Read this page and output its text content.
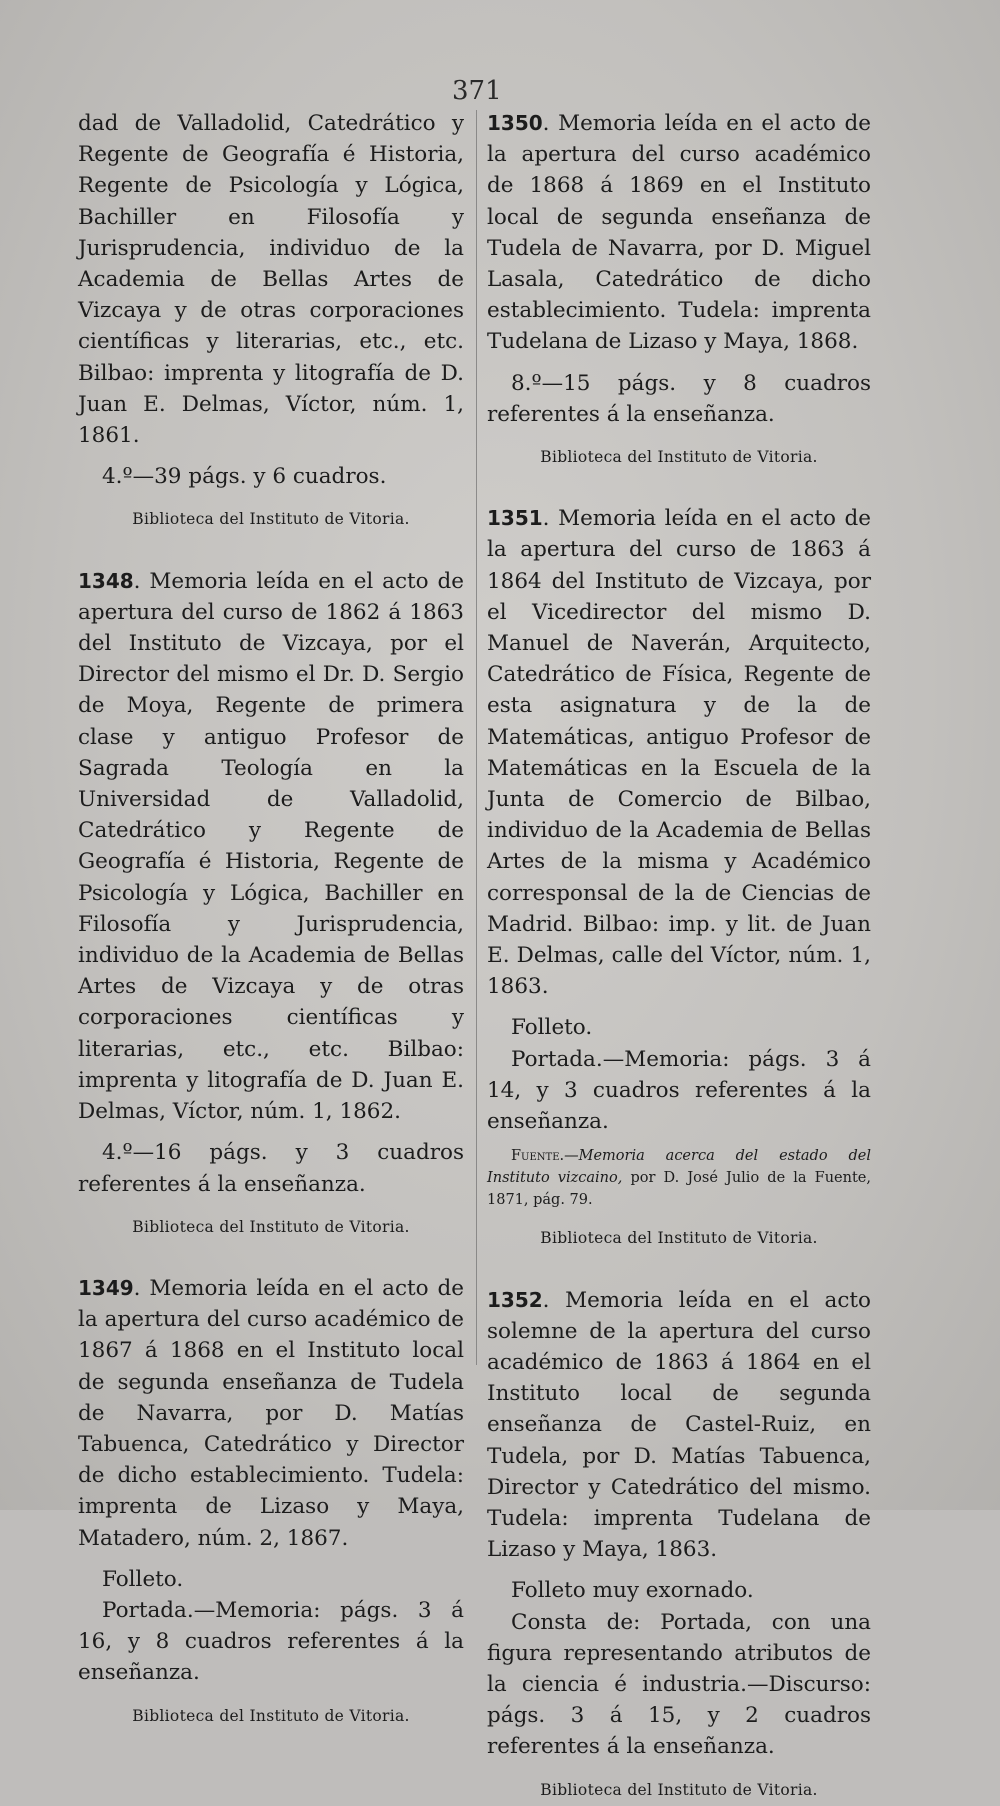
371

dad de Valladolid, Catedrático y Regente de Geografía é Historia, Regente de Psicología y Lógica, Bachiller en Filosofía y Jurisprudencia, individuo de la Academia de Bellas Artes de Vizcaya y de otras corporaciones científicas y literarias, etc., etc. Bilbao: imprenta y litografía de D. Juan E. Delmas, Víctor, núm. 1, 1861.

4.º—39 págs. y 6 cuadros.

Biblioteca del Instituto de Vitoria.

1348. Memoria leída en el acto de apertura del curso de 1862 á 1863 del Instituto de Vizcaya, por el Director del mismo el Dr. D. Sergio de Moya, Regente de primera clase y antiguo Profesor de Sagrada Teología en la Universidad de Valladolid, Catedrático y Regente de Geografía é Historia, Regente de Psicología y Lógica, Bachiller en Filosofía y Jurisprudencia, individuo de la Academia de Bellas Artes de Vizcaya y de otras corporaciones científicas y literarias, etc., etc. Bilbao: imprenta y litografía de D. Juan E. Delmas, Víctor, núm. 1, 1862.

4.º—16 págs. y 3 cuadros referentes á la enseñanza.

Biblioteca del Instituto de Vitoria.

1349. Memoria leída en el acto de la apertura del curso académico de 1867 á 1868 en el Instituto local de segunda enseñanza de Tudela de Navarra, por D. Matías Tabuenca, Catedrático y Director de dicho establecimiento. Tudela: imprenta de Lizaso y Maya, Matadero, núm. 2, 1867.

Folleto.

Portada.—Memoria: págs. 3 á 16, y 8 cuadros referentes á la enseñanza.

Biblioteca del Instituto de Vitoria.

1350. Memoria leída en el acto de la apertura del curso académico de 1868 á 1869 en el Instituto local de segunda enseñanza de Tudela de Navarra, por D. Miguel Lasala, Catedrático de dicho establecimiento. Tudela: imprenta Tudelana de Lizaso y Maya, 1868.

8.º—15 págs. y 8 cuadros referentes á la enseñanza.

Biblioteca del Instituto de Vitoria.

1351. Memoria leída en el acto de la apertura del curso de 1863 á 1864 del Instituto de Vizcaya, por el Vicedirector del mismo D. Manuel de Naverán, Arquitecto, Catedrático de Física, Regente de esta asignatura y de la de Matemáticas, antiguo Profesor de Matemáticas en la Escuela de la Junta de Comercio de Bilbao, individuo de la Academia de Bellas Artes de la misma y Académico corresponsal de la de Ciencias de Madrid. Bilbao: imp. y lit. de Juan E. Delmas, calle del Víctor, núm. 1, 1863.

Folleto.

Portada.—Memoria: págs. 3 á 14, y 3 cuadros referentes á la enseñanza.

Fuente.—Memoria acerca del estado del Instituto vizcaino, por D. José Julio de la Fuente, 1871, pág. 79.

Biblioteca del Instituto de Vitoria.

1352. Memoria leída en el acto solemne de la apertura del curso académico de 1863 á 1864 en el Instituto local de segunda enseñanza de Castel-Ruiz, en Tudela, por D. Matías Tabuenca, Director y Catedrático del mismo. Tudela: imprenta Tudelana de Lizaso y Maya, 1863.

Folleto muy exornado.

Consta de: Portada, con una figura representando atributos de la ciencia é industria.—Discurso: págs. 3 á 15, y 2 cuadros referentes á la enseñanza.

Biblioteca del Instituto de Vitoria.
